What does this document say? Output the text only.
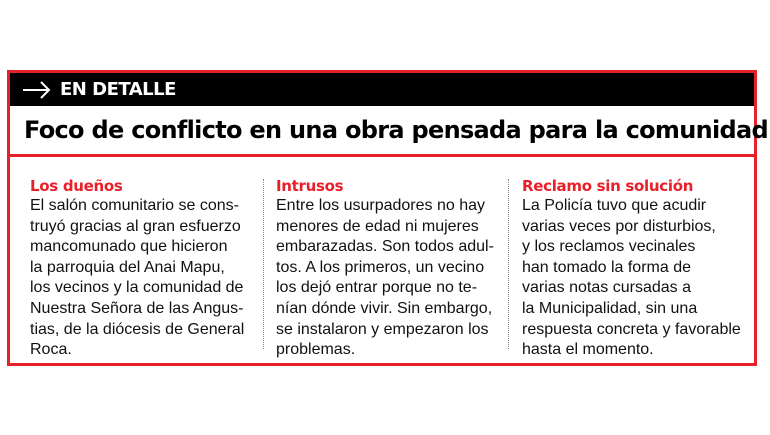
EN DETALLE
Foco de conflicto en una obra pensada para la comunidad
Los dueños

El salón comunitario se cons-
truyó gracias al gran esfuerzo
mancomunado que hicieron
la parroquia del Anai Mapu,
los vecinos y la comunidad de
Nuestra Señora de las Angus-
tias, de la diócesis de General
Roca.

Intrusos

Entre los usurpadores no hay
menores de edad ni mujeres
embarazadas. Son todos adul-
tos. A los primeros, un vecino
los dejó entrar porque no te-
nían dónde vivir. Sin embargo,
se instalaron y empezaron los
problemas.

Reclamo sin solución

La Policía tuvo que acudir
varias veces por disturbios,
y los reclamos vecinales
han tomado la forma de
varias notas cursadas a
la Municipalidad, sin una
respuesta concreta y favorable
hasta el momento.
